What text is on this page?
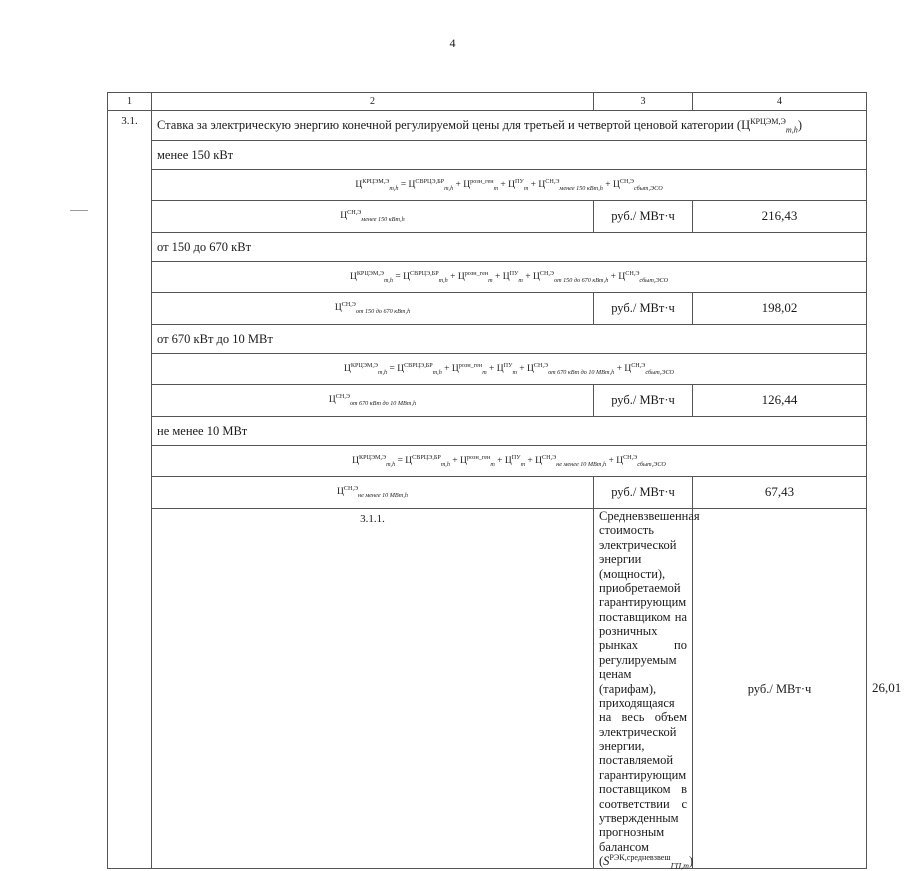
4
1	2	3	4	
3.1.	Ставка за электрическую энергию конечной регулируемой цены для третьей и четвертой ценовой категории $(Ц^{КРЦЭМ,Э}_{m,h})$			
	менее 150 кВт			
	$Ц^{КРЦЭМ,Э}_{m,h} = Ц^{СВРЦЭ,БР}_{m,h} + Ц^{розн\_ген}_m + Ц^{ПУ}_m + Ц^{СН,Э}_{менее 150 кВт,h} + Ц^{СН,Э}_{сбыт,ЭСО}$
	$Ц^{СН,Э}_{менее 150 кВт,h}$	руб./ МВт·ч	216,43	
	от 150 до 670 кВт			
	$Ц^{КРЦЭМ,Э}_{m,h} = Ц^{СВРЦЭ,БР}_{m,h} + Ц^{розн\_ген}_m + Ц^{ПУ}_m + Ц^{СН,Э}_{от 150 до 670 кВт,h} + Ц^{СН,Э}_{сбыт,ЭСО}$
	$Ц^{СН,Э}_{от 150 до 670 кВт,h}$	руб./ МВт·ч	198,02	
	от 670 кВт до 10 МВт			
	$Ц^{КРЦЭМ,Э}_{m,h} = Ц^{СВРЦЭ,БР}_{m,h} + Ц^{розн\_ген}_m + Ц^{ПУ}_m + Ц^{СН,Э}_{от 670 кВт до 10 МВт,h} + Ц^{СН,Э}_{сбыт,ЭСО}$
	$Ц^{СН,Э}_{от 670 кВт до 10 МВт,h}$	руб./ МВт·ч	126,44	
	не менее 10 МВт			
	$Ц^{КРЦЭМ,Э}_{m,h} = Ц^{СВРЦЭ,БР}_{m,h} + Ц^{розн\_ген}_m + Ц^{ПУ}_m + Ц^{СН,Э}_{не менее 10 МВт,h} + Ц^{СН,Э}_{сбыт,ЭСО}$
	$Ц^{СН,Э}_{не менее 10 МВт,h}$	руб./ МВт·ч	67,43	
	3.1.1.	Средневзвешенная стоимость электрической энергии (мощности), приобретаемой гарантирующим поставщиком на розничных рынках по регулируемым ценам (тарифам), приходящаяся на весь объем электрической энергии, поставляемой гарантирующим поставщиком в соответствии с утвержденным прогнозным балансом $(S^{РЭК,средневзвеш}_{ГП,m})$	руб./ МВт·ч	26,01
